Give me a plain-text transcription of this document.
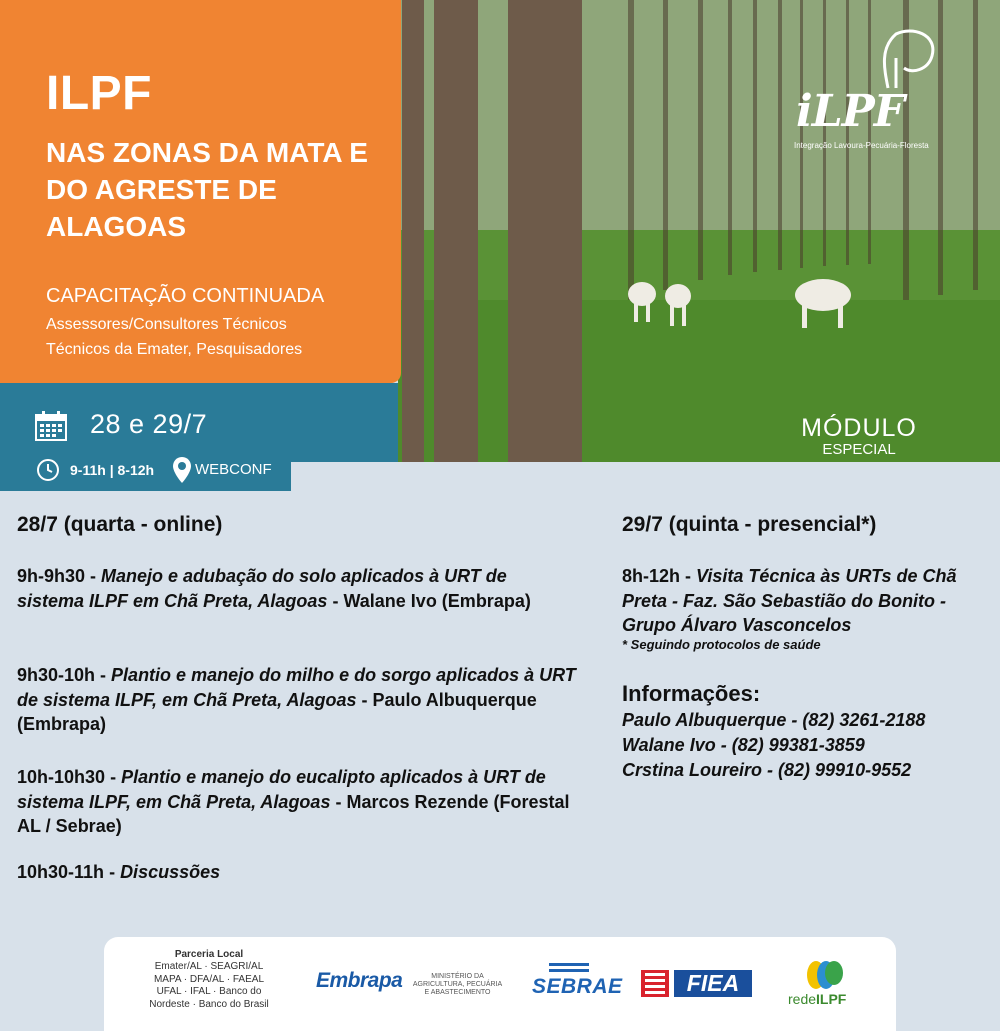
iLPF
Integração Lavoura-Pecuária-Floresta
MÓDULO
ESPECIAL
ILPF
NAS ZONAS DA MATA E DO AGRESTE DE ALAGOAS

CAPACITAÇÃO CONTINUADA

Assessores/Consultores Técnicos

Técnicos da Emater, Pesquisadores

28 e 29/7
9-11h | 8-12h	WEBCONF
28/7 (quarta - online)
9h-9h30 - Manejo e adubação do solo aplicados à URT de sistema ILPF em Chã Preta, Alagoas - Walane Ivo (Embrapa)
9h30-10h - Plantio e manejo do milho e do sorgo aplicados à URT de sistema ILPF, em Chã Preta, Alagoas - Paulo Albuquerque (Embrapa)
10h-10h30 - Plantio e manejo do eucalipto aplicados à URT de sistema ILPF, em Chã Preta, Alagoas - Marcos Rezende (Forestal AL / Sebrae)
10h30-11h - Discussões
29/7 (quinta - presencial*)
8h-12h - Visita Técnica às URTs de Chã Preta - Faz. São Sebastião do Bonito - Grupo Álvaro Vasconcelos
* Seguindo protocolos de saúde
Informações:
Paulo Albuquerque - (82) 3261-2188
Walane Ivo - (82) 99381-3859
Crstina Loureiro - (82) 99910-9552
Parceria Local
Emater/AL · SEAGRI/AL
MAPA · DFA/AL · FAEAL
UFAL · IFAL · Banco do
Nordeste · Banco do Brasil
Embrapa	MINISTÉRIO DA AGRICULTURA, PECUÁRIA E ABASTECIMENTO	SEBRAE	FIEA
redeILPF
